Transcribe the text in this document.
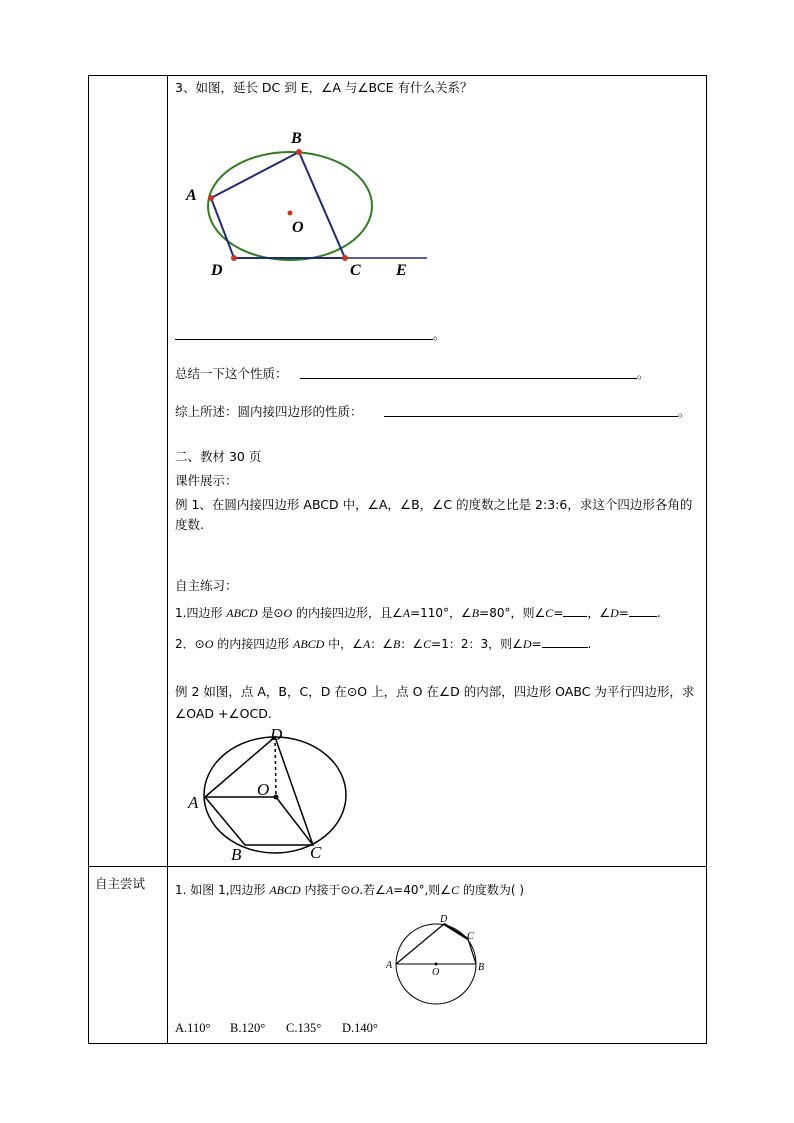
自主尝试
3、如图，延长 DC 到 E，∠A 与∠BCE 有什么关系？
A
B
C
D	E
O
。
总结一下这个性质：	。
综上所述：圆内接四边形的性质：	。
二、教材 30 页
课件展示：
例 1、在圆内接四边形 ABCD 中，∠A，∠B，∠C 的度数之比是 2:3:6，求这个四边形各角的度数.
自主练习：
1.四边形 ABCD 是⊙O 的内接四边形，且∠A=110°，∠B=80°，则∠C= ，∠D= .
2．⊙O 的内接四边形 ABCD 中，∠A：∠B：∠C=1：2：3，则∠D=	.
例 2 如图，点 A，B，C，D 在⊙O 上，点 O 在∠D 的内部，四边形 OABC 为平行四边形，求∠OAD +∠OCD.
D
A
O
B	C
1. 如图 1,四边形 ABCD 内接于⊙O.若∠A=40°,则∠C 的度数为( )
A	B
C
D
O
A.110° B.120° C.135° D.140°
